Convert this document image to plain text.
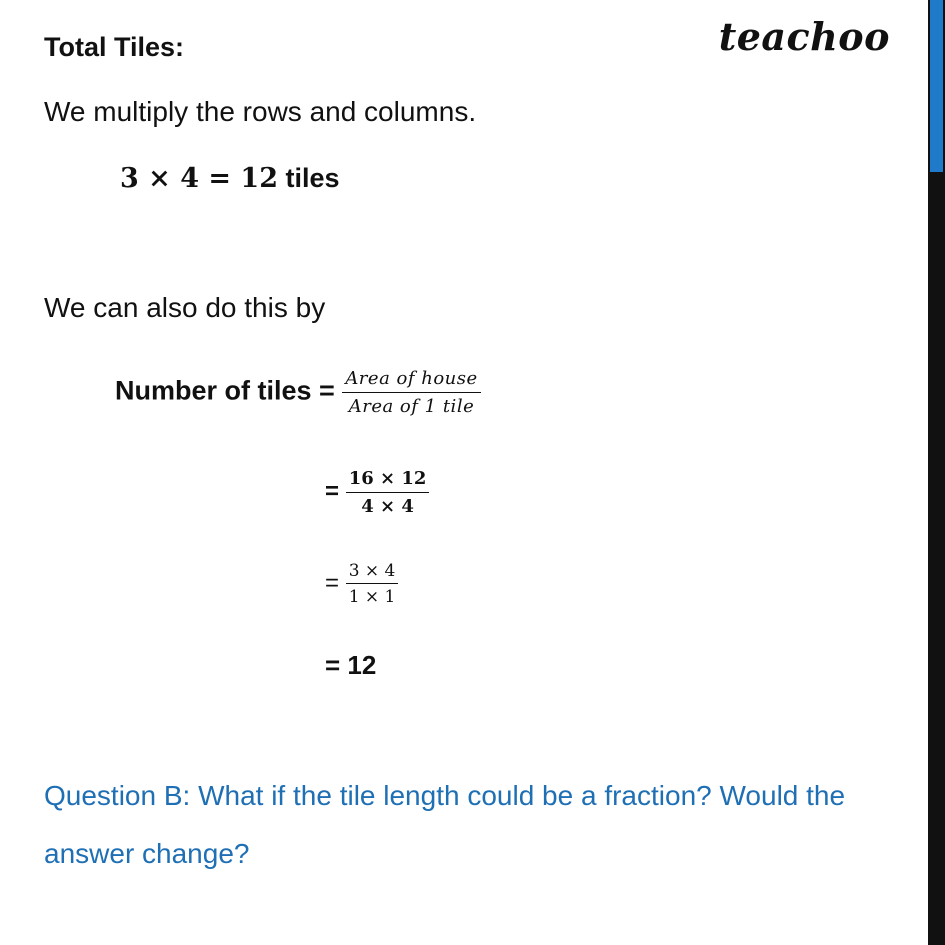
Total Tiles:	teachoo
We multiply the rows and columns.
3 × 4 = 12 tiles
We can also do this by
Number of tiles = $\frac{\text{Area of house}}{\text{Area of 1 tile}}$
= $\frac{16 \times 12}{4 \times 4}$
= $\frac{3 \times 4}{1 \times 1}$
= 12
Question B: What if the tile length could be a fraction? Would the
answer change?
